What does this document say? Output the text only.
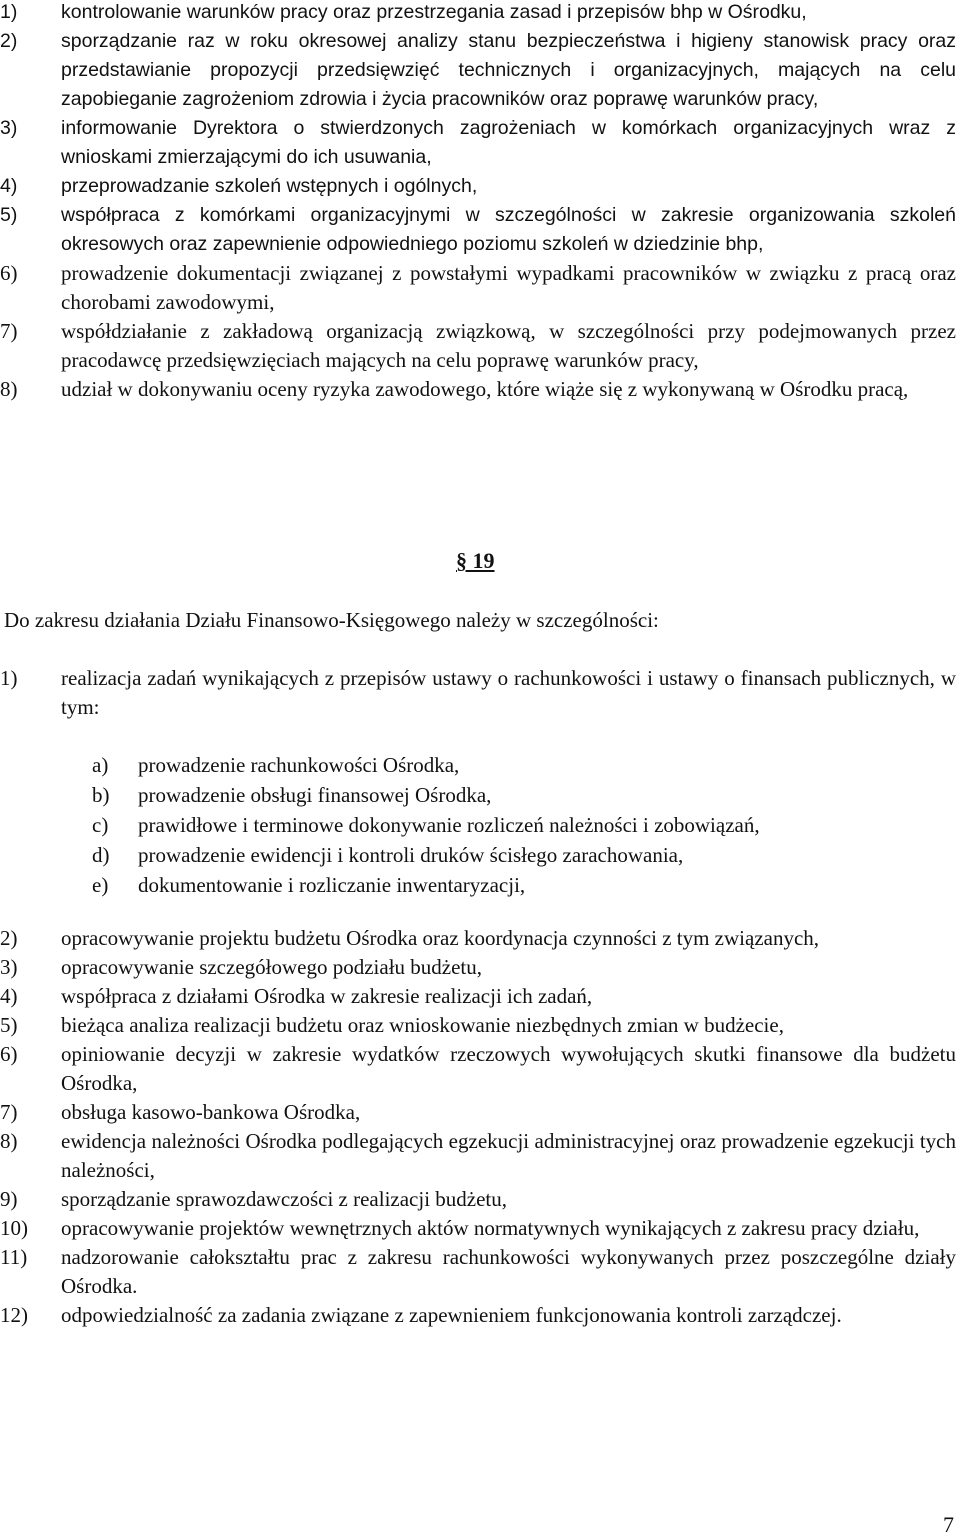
1)	kontrolowanie warunków pracy oraz przestrzegania zasad i przepisów bhp w Ośrodku,
2)	sporządzanie raz w roku okresowej analizy stanu bezpieczeństwa i higieny stanowisk pracy oraz przedstawianie propozycji przedsięwzięć technicznych i organizacyjnych, mających na celu zapobieganie zagrożeniom zdrowia i życia pracowników oraz poprawę warunków pracy,
3)	informowanie Dyrektora o stwierdzonych zagrożeniach w komórkach organizacyjnych wraz z wnioskami zmierzającymi do ich usuwania,
4)	przeprowadzanie szkoleń wstępnych i ogólnych,
5)	współpraca z komórkami organizacyjnymi w szczególności w zakresie organizowania szkoleń okresowych oraz zapewnienie odpowiedniego poziomu szkoleń w dziedzinie bhp,
6)	prowadzenie dokumentacji związanej z powstałymi wypadkami pracowników w związku z pracą oraz chorobami zawodowymi,
7)	współdziałanie z zakładową organizacją związkową, w szczególności przy podejmowanych przez pracodawcę przedsięwzięciach mających na celu poprawę warunków pracy,
8)	udział w dokonywaniu oceny ryzyka zawodowego, które wiąże się z wykonywaną w Ośrodku pracą,
§ 19
Do zakresu działania Działu Finansowo-Księgowego należy w szczególności:
1)	realizacja zadań wynikających z przepisów ustawy o rachunkowości i ustawy o finansach publicznych, w tym:
a)	prowadzenie rachunkowości Ośrodka,
b)	prowadzenie obsługi finansowej Ośrodka,
c)	prawidłowe i terminowe dokonywanie rozliczeń należności i zobowiązań,
d)	prowadzenie ewidencji i kontroli druków ścisłego zarachowania,
e)	dokumentowanie i rozliczanie inwentaryzacji,
2)	opracowywanie projektu budżetu Ośrodka oraz koordynacja czynności z tym związanych,
3)	opracowywanie szczegółowego podziału budżetu,
4)	współpraca z działami Ośrodka w zakresie realizacji ich zadań,
5)	bieżąca analiza realizacji budżetu oraz wnioskowanie niezbędnych zmian w budżecie,
6)	opiniowanie decyzji w zakresie wydatków rzeczowych wywołujących skutki finansowe dla budżetu Ośrodka,
7)	obsługa kasowo-bankowa Ośrodka,
8)	ewidencja należności Ośrodka podlegających egzekucji administracyjnej oraz prowadzenie egzekucji tych należności,
9)	sporządzanie sprawozdawczości z realizacji budżetu,
10)	opracowywanie projektów wewnętrznych aktów normatywnych wynikających z zakresu pracy działu,
11)	nadzorowanie całokształtu prac z zakresu rachunkowości wykonywanych przez poszczególne działy Ośrodka.
12)	odpowiedzialność za zadania związane z zapewnieniem funkcjonowania kontroli zarządczej.
7
